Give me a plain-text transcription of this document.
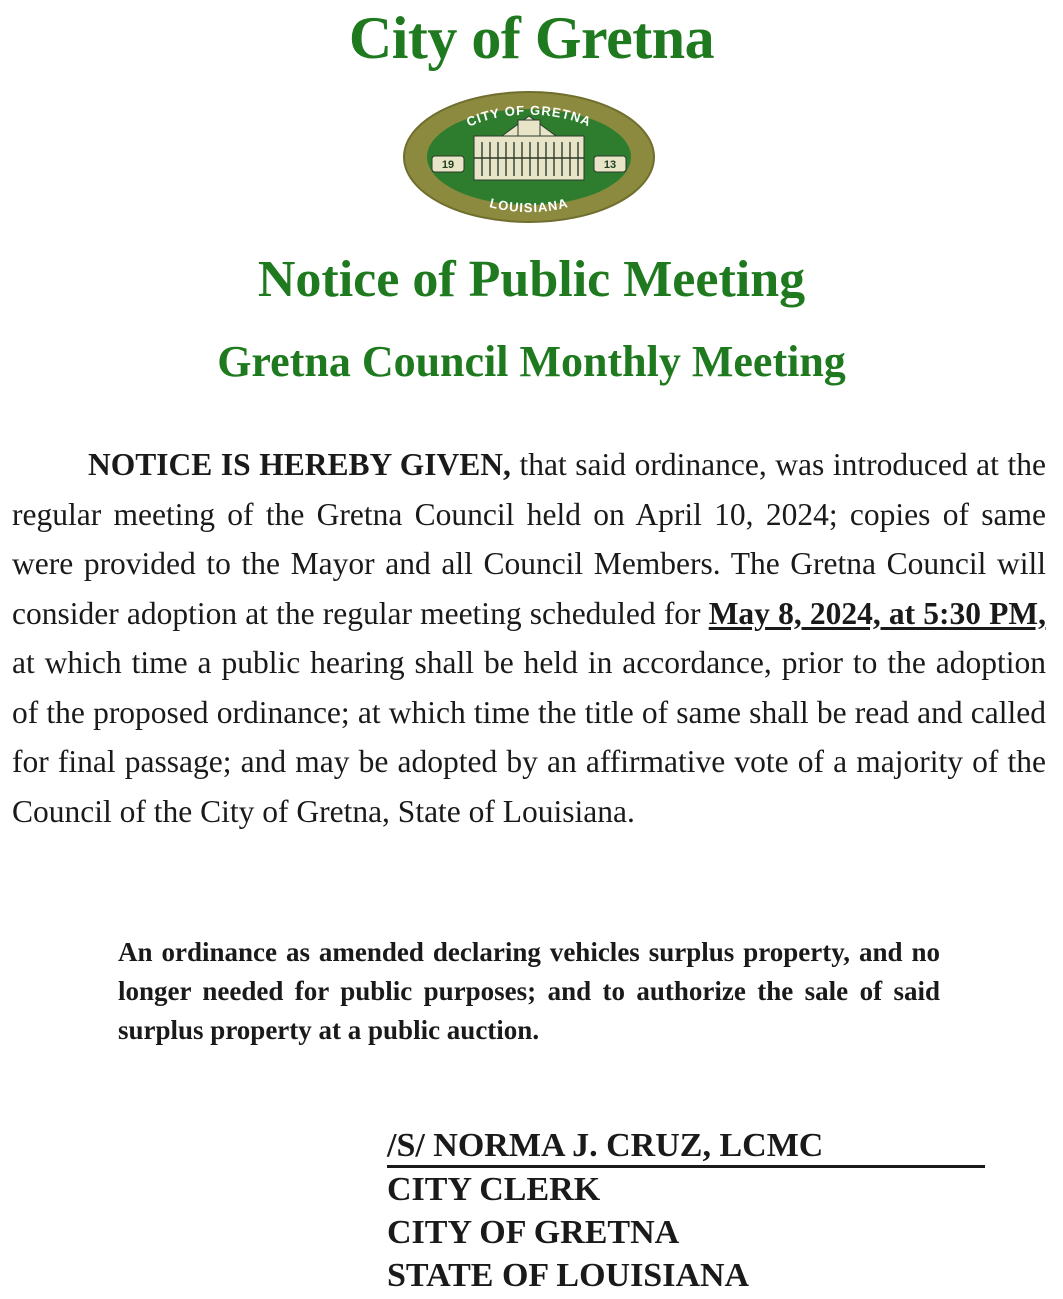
City of Gretna
19	13
CITY OF GRETNA
LOUISIANA
Notice of Public Meeting
Gretna Council Monthly Meeting

NOTICE IS HEREBY GIVEN, that said ordinance, was introduced at the regular meeting of the Gretna Council held on April 10, 2024; copies of same were provided to the Mayor and all Council Members. The Gretna Council will consider adoption at the regular meeting scheduled for May 8, 2024, at 5:30 PM, at which time a public hearing shall be held in accordance, prior to the adoption of the proposed ordinance; at which time the title of same shall be read and called for final passage; and may be adopted by an affirmative vote of a majority of the Council of the City of Gretna, State of Louisiana.

An ordinance as amended declaring vehicles surplus property, and no longer needed for public purposes; and to authorize the sale of said surplus property at a public auction.

/S/ NORMA J. CRUZ, LCMC
CITY CLERK
CITY OF GRETNA
STATE OF LOUISIANA
